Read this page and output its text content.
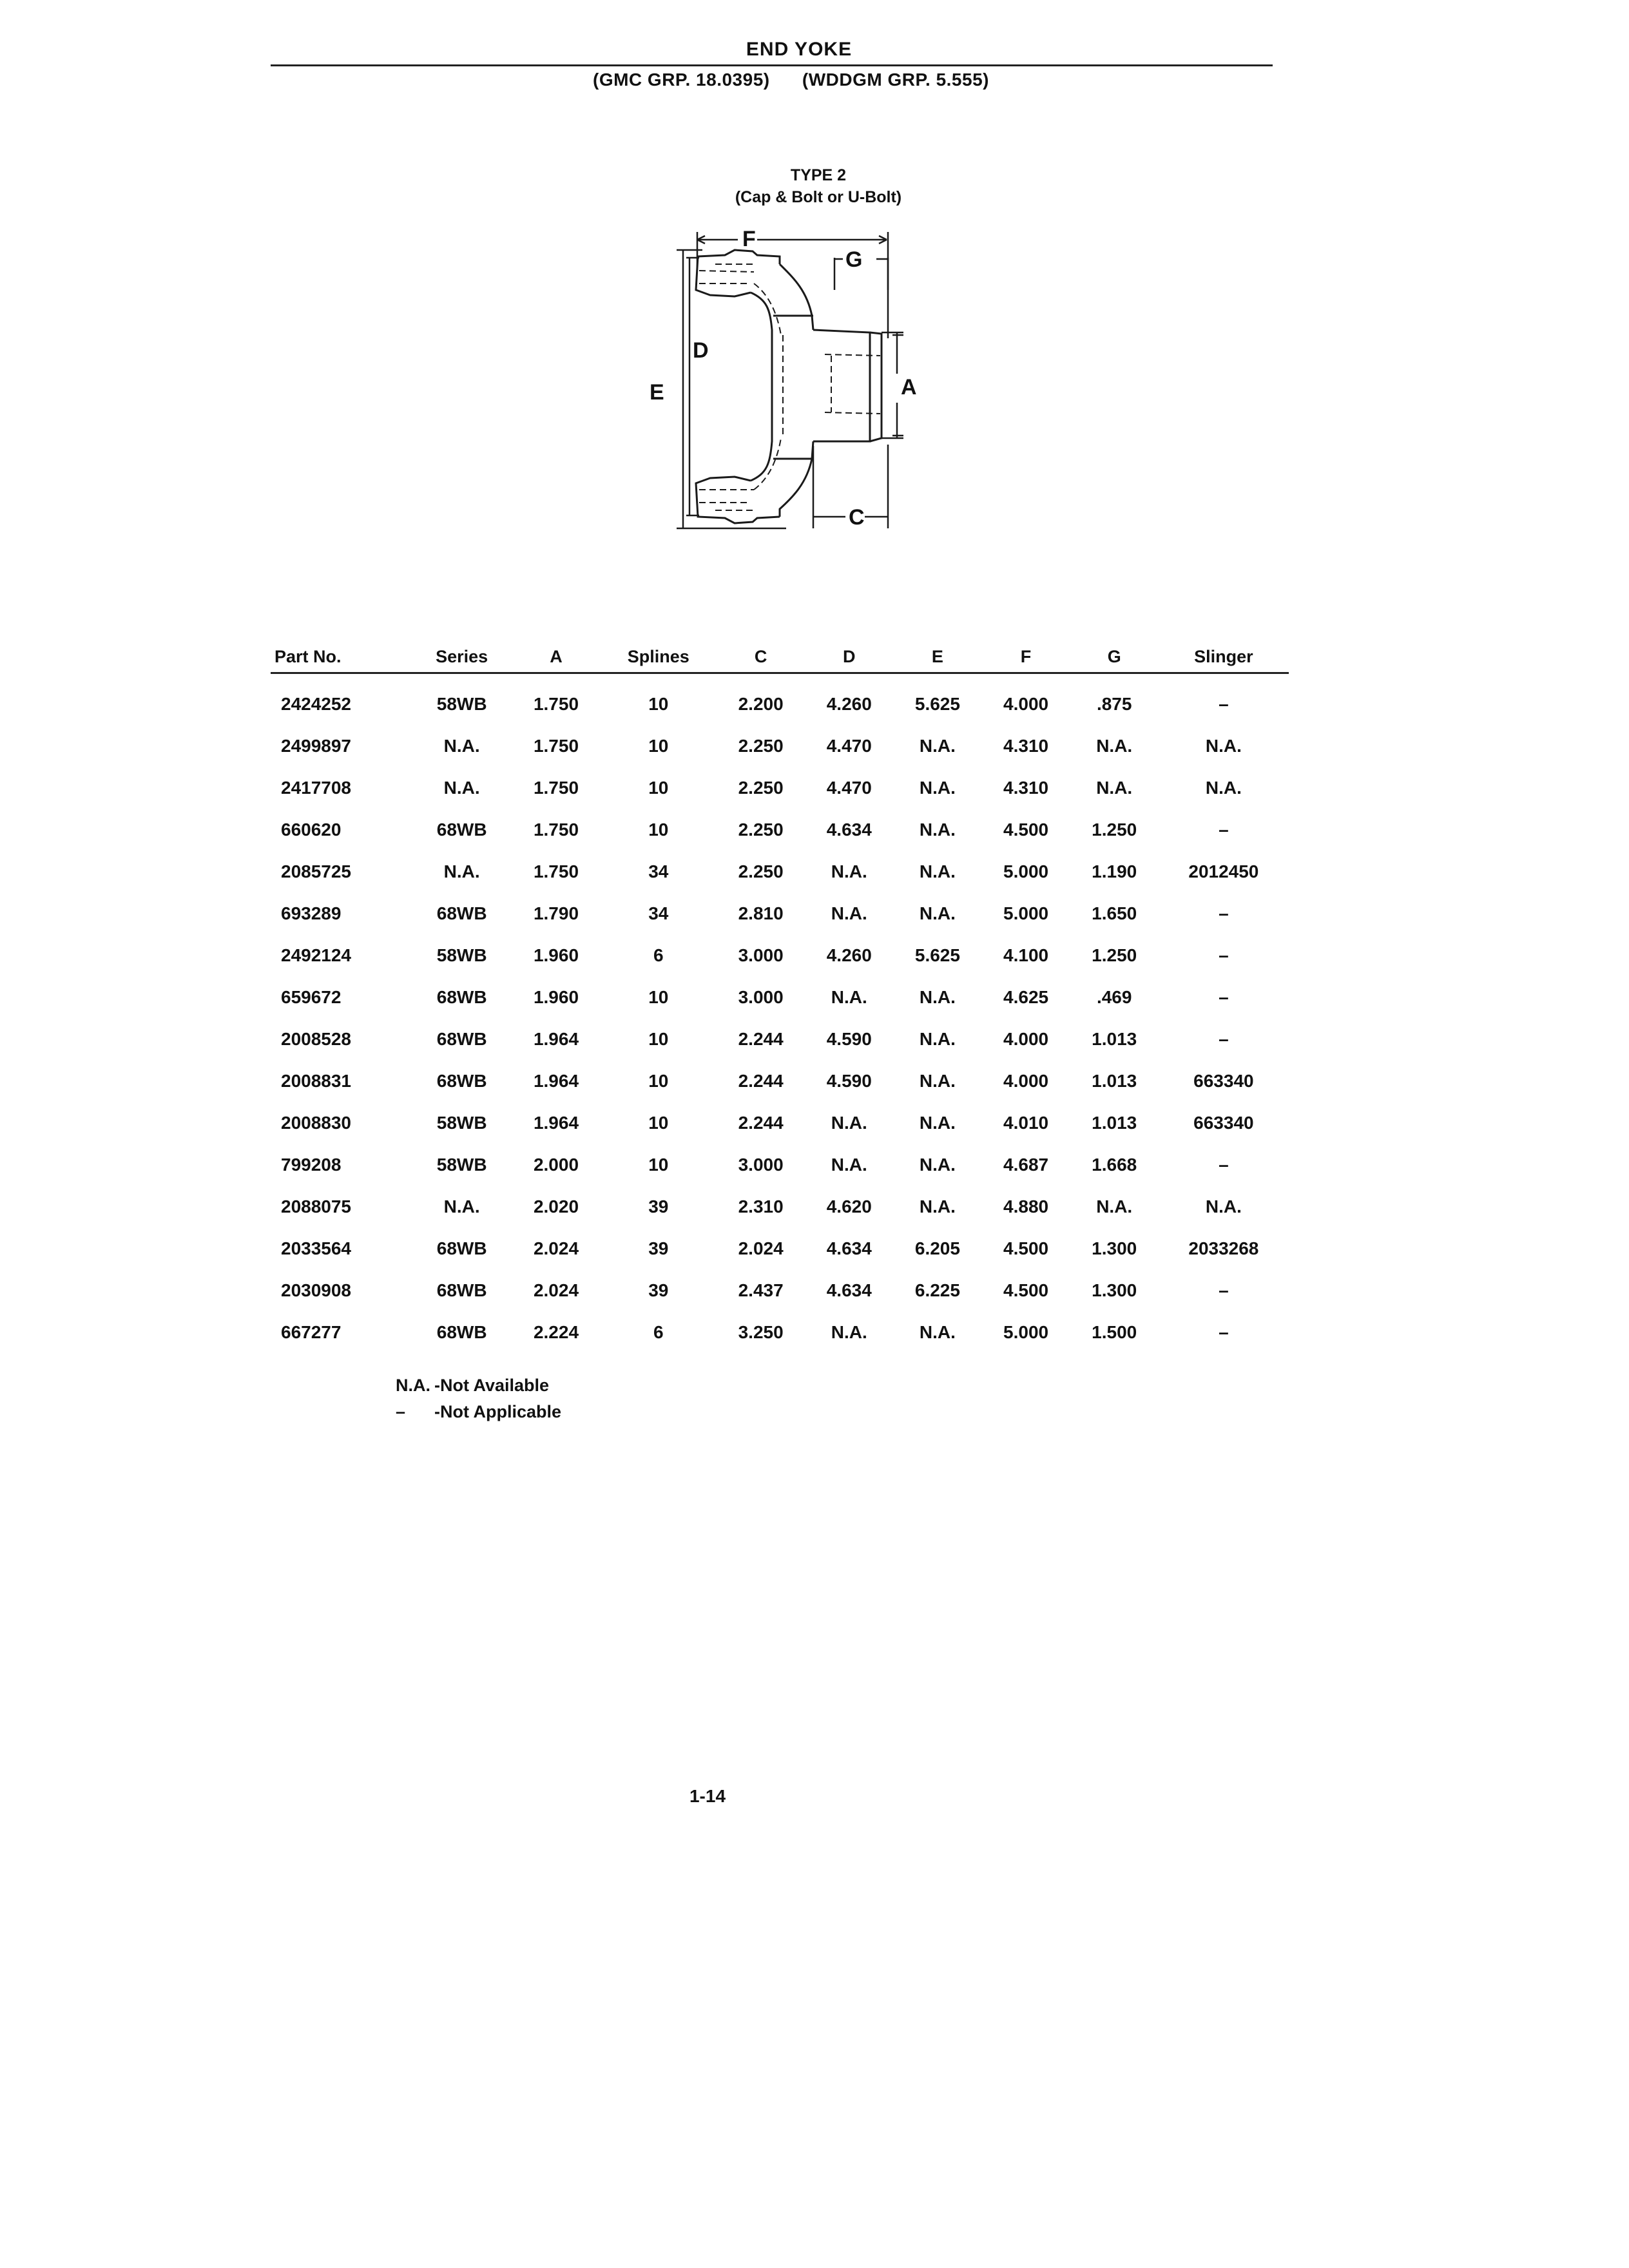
END YOKE
(GMC GRP. 18.0395) (WDDGM GRP. 5.555)
TYPE 2
(Cap & Bolt or U-Bolt)
F
G
D
E	A
C
Part No.	Series	A	Splines	C	D	E	F	G	Slinger
2424252	58WB	1.750	10	2.200	4.260	5.625	4.000	.875	–
2499897	N.A.	1.750	10	2.250	4.470	N.A.	4.310	N.A.	N.A.
2417708	N.A.	1.750	10	2.250	4.470	N.A.	4.310	N.A.	N.A.
660620	68WB	1.750	10	2.250	4.634	N.A.	4.500	1.250	–
2085725	N.A.	1.750	34	2.250	N.A.	N.A.	5.000	1.190	2012450
693289	68WB	1.790	34	2.810	N.A.	N.A.	5.000	1.650	–
2492124	58WB	1.960	6	3.000	4.260	5.625	4.100	1.250	–
659672	68WB	1.960	10	3.000	N.A.	N.A.	4.625	.469	–
2008528	68WB	1.964	10	2.244	4.590	N.A.	4.000	1.013	–
2008831	68WB	1.964	10	2.244	4.590	N.A.	4.000	1.013	663340
2008830	58WB	1.964	10	2.244	N.A.	N.A.	4.010	1.013	663340
799208	58WB	2.000	10	3.000	N.A.	N.A.	4.687	1.668	–
2088075	N.A.	2.020	39	2.310	4.620	N.A.	4.880	N.A.	N.A.
2033564	68WB	2.024	39	2.024	4.634	6.205	4.500	1.300	2033268
2030908	68WB	2.024	39	2.437	4.634	6.225	4.500	1.300	–
667277	68WB	2.224	6	3.250	N.A.	N.A.	5.000	1.500	–
N.A. -Not Available
– -Not Applicable
1-14
